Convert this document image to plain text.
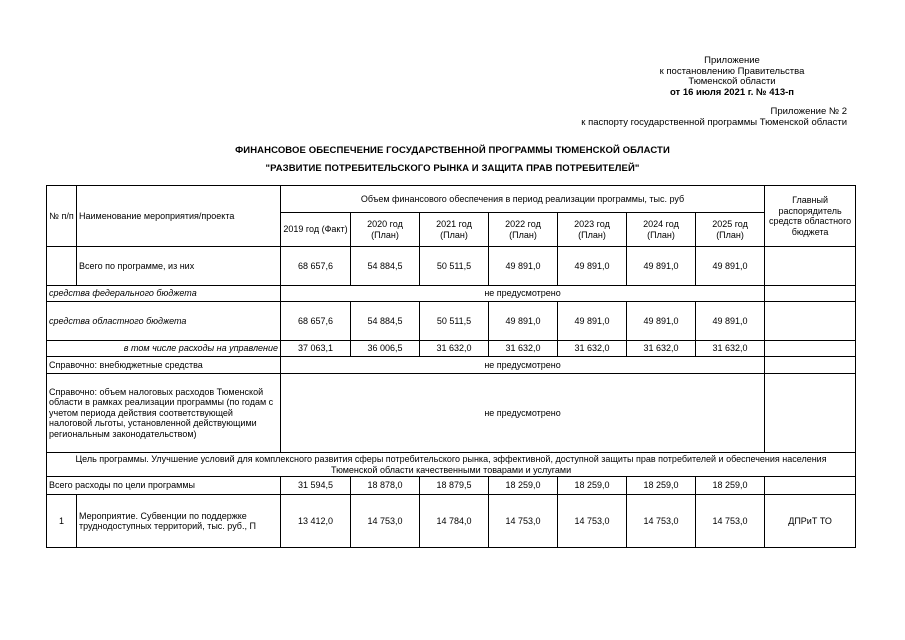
Приложение
к постановлению Правительства
Тюменской области
от 16 июля 2021 г. № 413-п
Приложение № 2
к паспорту государственной программы Тюменской области
ФИНАНСОВОЕ ОБЕСПЕЧЕНИЕ ГОСУДАРСТВЕННОЙ ПРОГРАММЫ ТЮМЕНСКОЙ ОБЛАСТИ
"РАЗВИТИЕ ПОТРЕБИТЕЛЬСКОГО РЫНКА И ЗАЩИТА ПРАВ ПОТРЕБИТЕЛЕЙ"
№ п/п	Наименование мероприятия/проекта	Объем финансового обеспечения в период реализации программы, тыс. руб							Главный распорядитель средств областного бюджета
		2019 год (Факт)	2020 год (План)	2021 год (План)	2022 год (План)	2023 год (План)	2024 год (План)	2025 год (План)	
	Всего по программе, из них	68 657,6	54 884,5	50 511,5	49 891,0	49 891,0	49 891,0	49 891,0	
средства федерального бюджета		не предусмотрено							
средства областного бюджета		68 657,6	54 884,5	50 511,5	49 891,0	49 891,0	49 891,0	49 891,0	
в том числе расходы на управление		37 063,1	36 006,5	31 632,0	31 632,0	31 632,0	31 632,0	31 632,0	
Справочно: внебюджетные средства		не предусмотрено							
Справочно: объем налоговых расходов Тюменской области в рамках реализации программы (по годам с учетом периода действия соответствующей налоговой льготы, установленной действующими региональным законодательством)		не предусмотрено							
Цель программы. Улучшение условий для комплексного развития сферы потребительского рынка, эффективной, доступной защиты прав потребителей и обеспечения населения Тюменской области качественными товарами и услугами									
Всего расходы по цели программы		31 594,5	18 878,0	18 879,5	18 259,0	18 259,0	18 259,0	18 259,0	
1	Мероприятие. Субвенции по поддержке труднодоступных территорий, тыс. руб., П	13 412,0	14 753,0	14 784,0	14 753,0	14 753,0	14 753,0	14 753,0	ДПРиТ ТО
